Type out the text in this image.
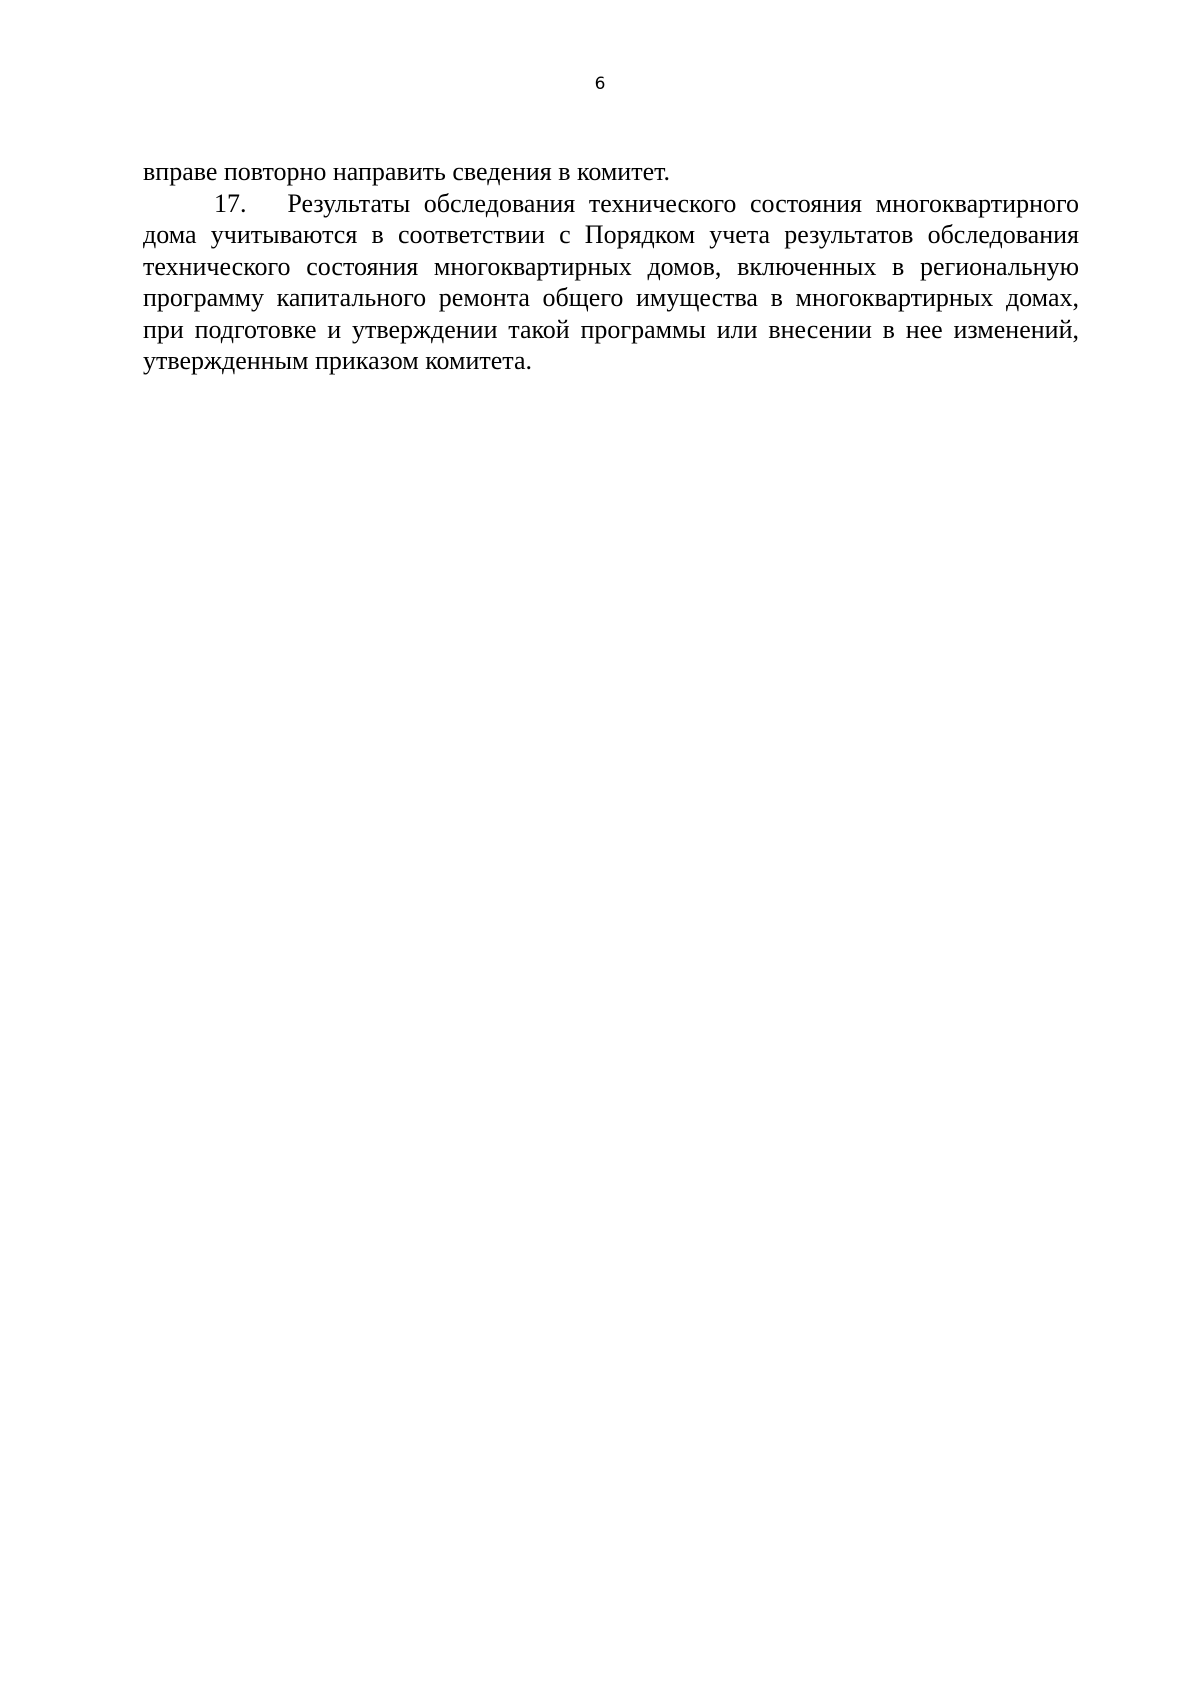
6

вправе повторно направить сведения в комитет.

17.   Результаты обследования технического состояния многоквартирного дома учитываются в соответствии с Порядком учета результатов обследования технического состояния многоквартирных домов, включенных в региональную программу капитального ремонта общего имущества в многоквартирных домах, при подготовке и утверждении такой программы или внесении в нее изменений, утвержденным приказом комитета.
